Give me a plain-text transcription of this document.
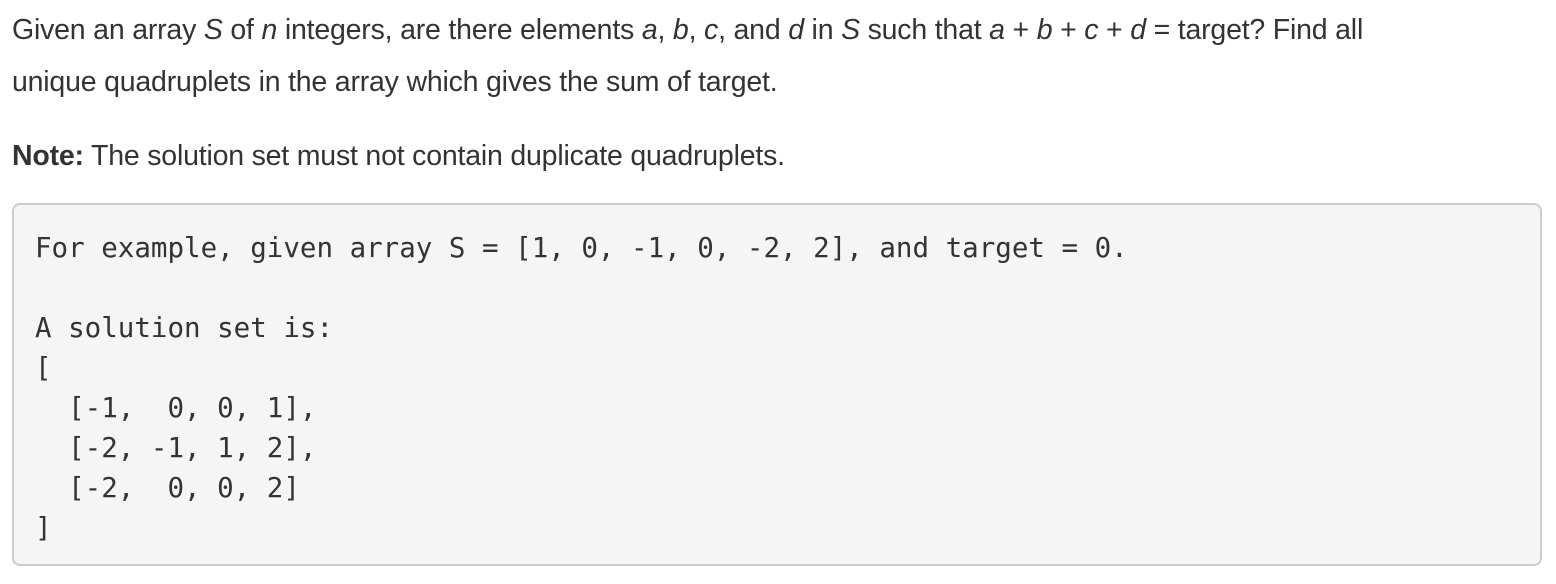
Given an array S of n integers, are there elements a, b, c, and d in S such that a + b + c + d = target? Find all
unique quadruplets in the array which gives the sum of target.

Note: The solution set must not contain duplicate quadruplets.

For example, given array S = [1, 0, -1, 0, -2, 2], and target = 0.

A solution set is:
[
[-1,  0, 0, 1],
[-2, -1, 1, 2],
[-2,  0, 0, 2]
]
